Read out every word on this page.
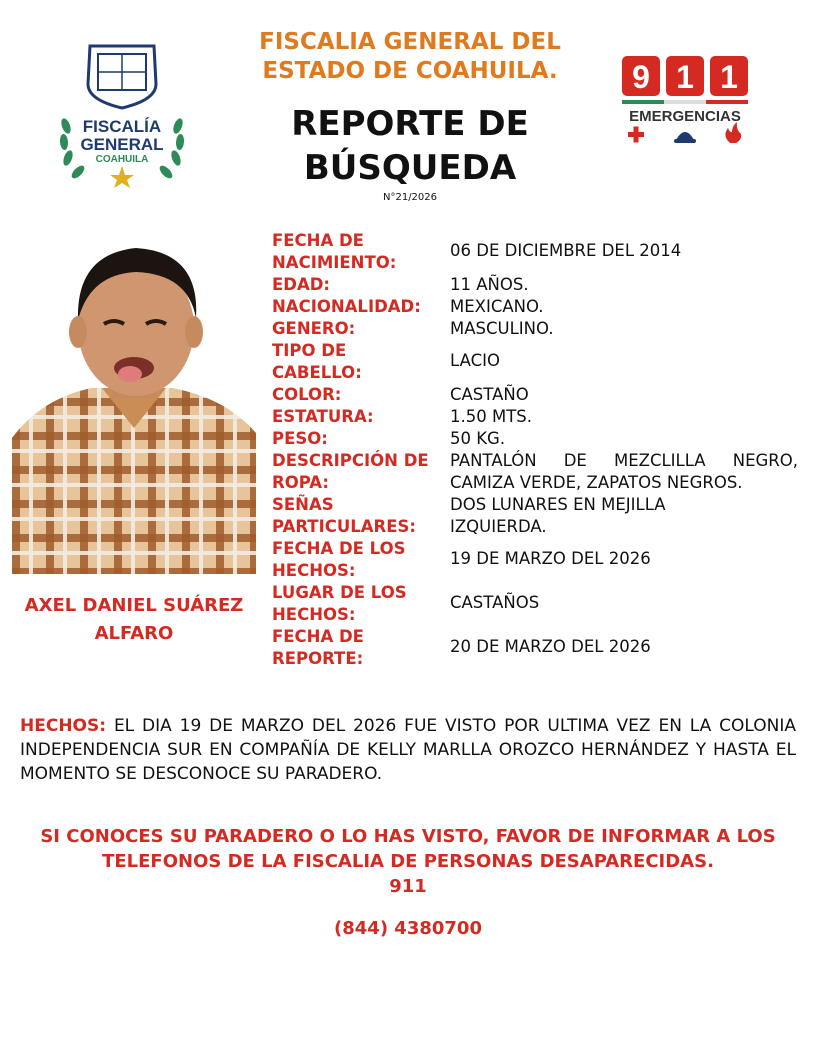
FISCALÍA
GENERAL
COAHUILA
FISCALIA GENERAL DEL
ESTADO DE COAHUILA.
REPORTE DE
BÚSQUEDA
N°21/2026
9 1 1
EMERGENCIAS
AXEL DANIEL SUÁREZ
ALFARO
FECHA DE NACIMIENTO:
06 DE DICIEMBRE DEL 2014
EDAD:	11 AÑOS.
NACIONALIDAD:	MEXICANO.
GENERO:	MASCULINO.
TIPO DE CABELLO:
LACIO
COLOR:	CASTAÑO
ESTATURA:	1.50 MTS.
PESO:	50 KG.
DESCRIPCIÓN DE ROPA:
PANTALÓN DE MEZCLILLA NEGRO, CAMIZA VERDE, ZAPATOS NEGROS.
SEÑAS PARTICULARES:
DOS LUNARES EN MEJILLA IZQUIERDA.
FECHA DE LOS HECHOS:
19 DE MARZO DEL 2026
LUGAR DE LOS HECHOS:
CASTAÑOS
FECHA DE REPORTE:
20 DE MARZO DEL 2026
HECHOS: EL DIA 19 DE MARZO DEL 2026 FUE VISTO POR ULTIMA VEZ EN LA COLONIA INDEPENDENCIA SUR EN COMPAÑÍA DE KELLY MARLLA OROZCO HERNÁNDEZ Y HASTA EL MOMENTO SE DESCONOCE SU PARADERO.
SI CONOCES SU PARADERO O LO HAS VISTO, FAVOR DE INFORMAR A LOS TELEFONOS DE LA FISCALIA DE PERSONAS DESAPARECIDAS.
911
(844) 4380700
